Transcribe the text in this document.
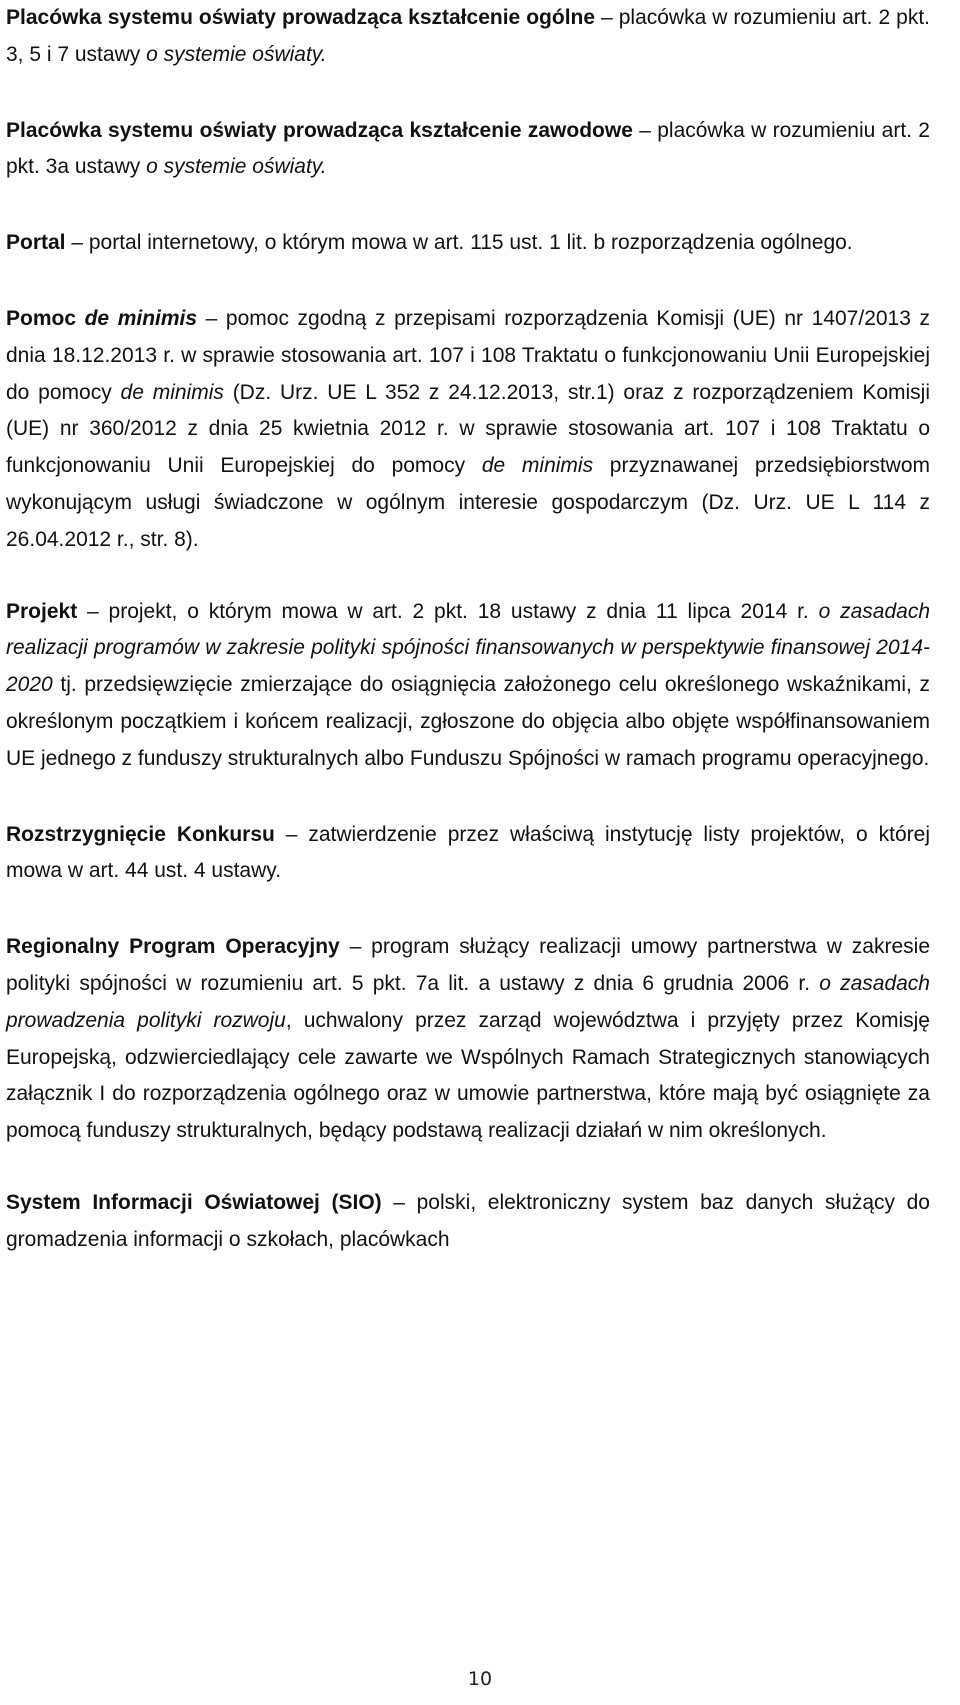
Placówka systemu oświaty prowadząca kształcenie ogólne – placówka w rozumieniu art. 2 pkt. 3, 5 i 7 ustawy o systemie oświaty.

Placówka systemu oświaty prowadząca kształcenie zawodowe – placówka w rozumieniu art. 2 pkt. 3a ustawy o systemie oświaty.

Portal – portal internetowy, o którym mowa w art. 115 ust. 1 lit. b rozporządzenia ogólnego.

Pomoc de minimis – pomoc zgodną z przepisami rozporządzenia Komisji (UE) nr 1407/2013 z dnia 18.12.2013 r. w sprawie stosowania art. 107 i 108 Traktatu o funkcjonowaniu Unii Europejskiej do pomocy de minimis (Dz. Urz. UE L 352 z 24.12.2013, str.1) oraz z rozporządzeniem Komisji (UE) nr 360/2012 z dnia 25 kwietnia 2012 r. w sprawie stosowania art. 107 i 108 Traktatu o funkcjonowaniu Unii Europejskiej do pomocy de minimis przyznawanej przedsiębiorstwom wykonującym usługi świadczone w ogólnym interesie gospodarczym (Dz. Urz. UE L 114 z 26.04.2012 r., str. 8).

Projekt – projekt, o którym mowa w art. 2 pkt. 18 ustawy z dnia 11 lipca 2014 r. o zasadach realizacji programów w zakresie polityki spójności finansowanych w perspektywie finansowej 2014-2020 tj. przedsięwzięcie zmierzające do osiągnięcia założonego celu określonego wskaźnikami, z określonym początkiem i końcem realizacji, zgłoszone do objęcia albo objęte współfinansowaniem UE jednego z funduszy strukturalnych albo Funduszu Spójności w ramach programu operacyjnego.

Rozstrzygnięcie Konkursu – zatwierdzenie przez właściwą instytucję listy projektów, o której mowa w art. 44 ust. 4 ustawy.

Regionalny Program Operacyjny – program służący realizacji umowy partnerstwa w zakresie polityki spójności w rozumieniu art. 5 pkt. 7a lit. a ustawy z dnia 6 grudnia 2006 r. o zasadach prowadzenia polityki rozwoju, uchwalony przez zarząd województwa i przyjęty przez Komisję Europejską, odzwierciedlający cele zawarte we Wspólnych Ramach Strategicznych stanowiących załącznik I do rozporządzenia ogólnego oraz w umowie partnerstwa, które mają być osiągnięte za pomocą funduszy strukturalnych, będący podstawą realizacji działań w nim określonych.

System Informacji Oświatowej (SIO) – polski, elektroniczny system baz danych służący do gromadzenia informacji o szkołach, placówkach

10
